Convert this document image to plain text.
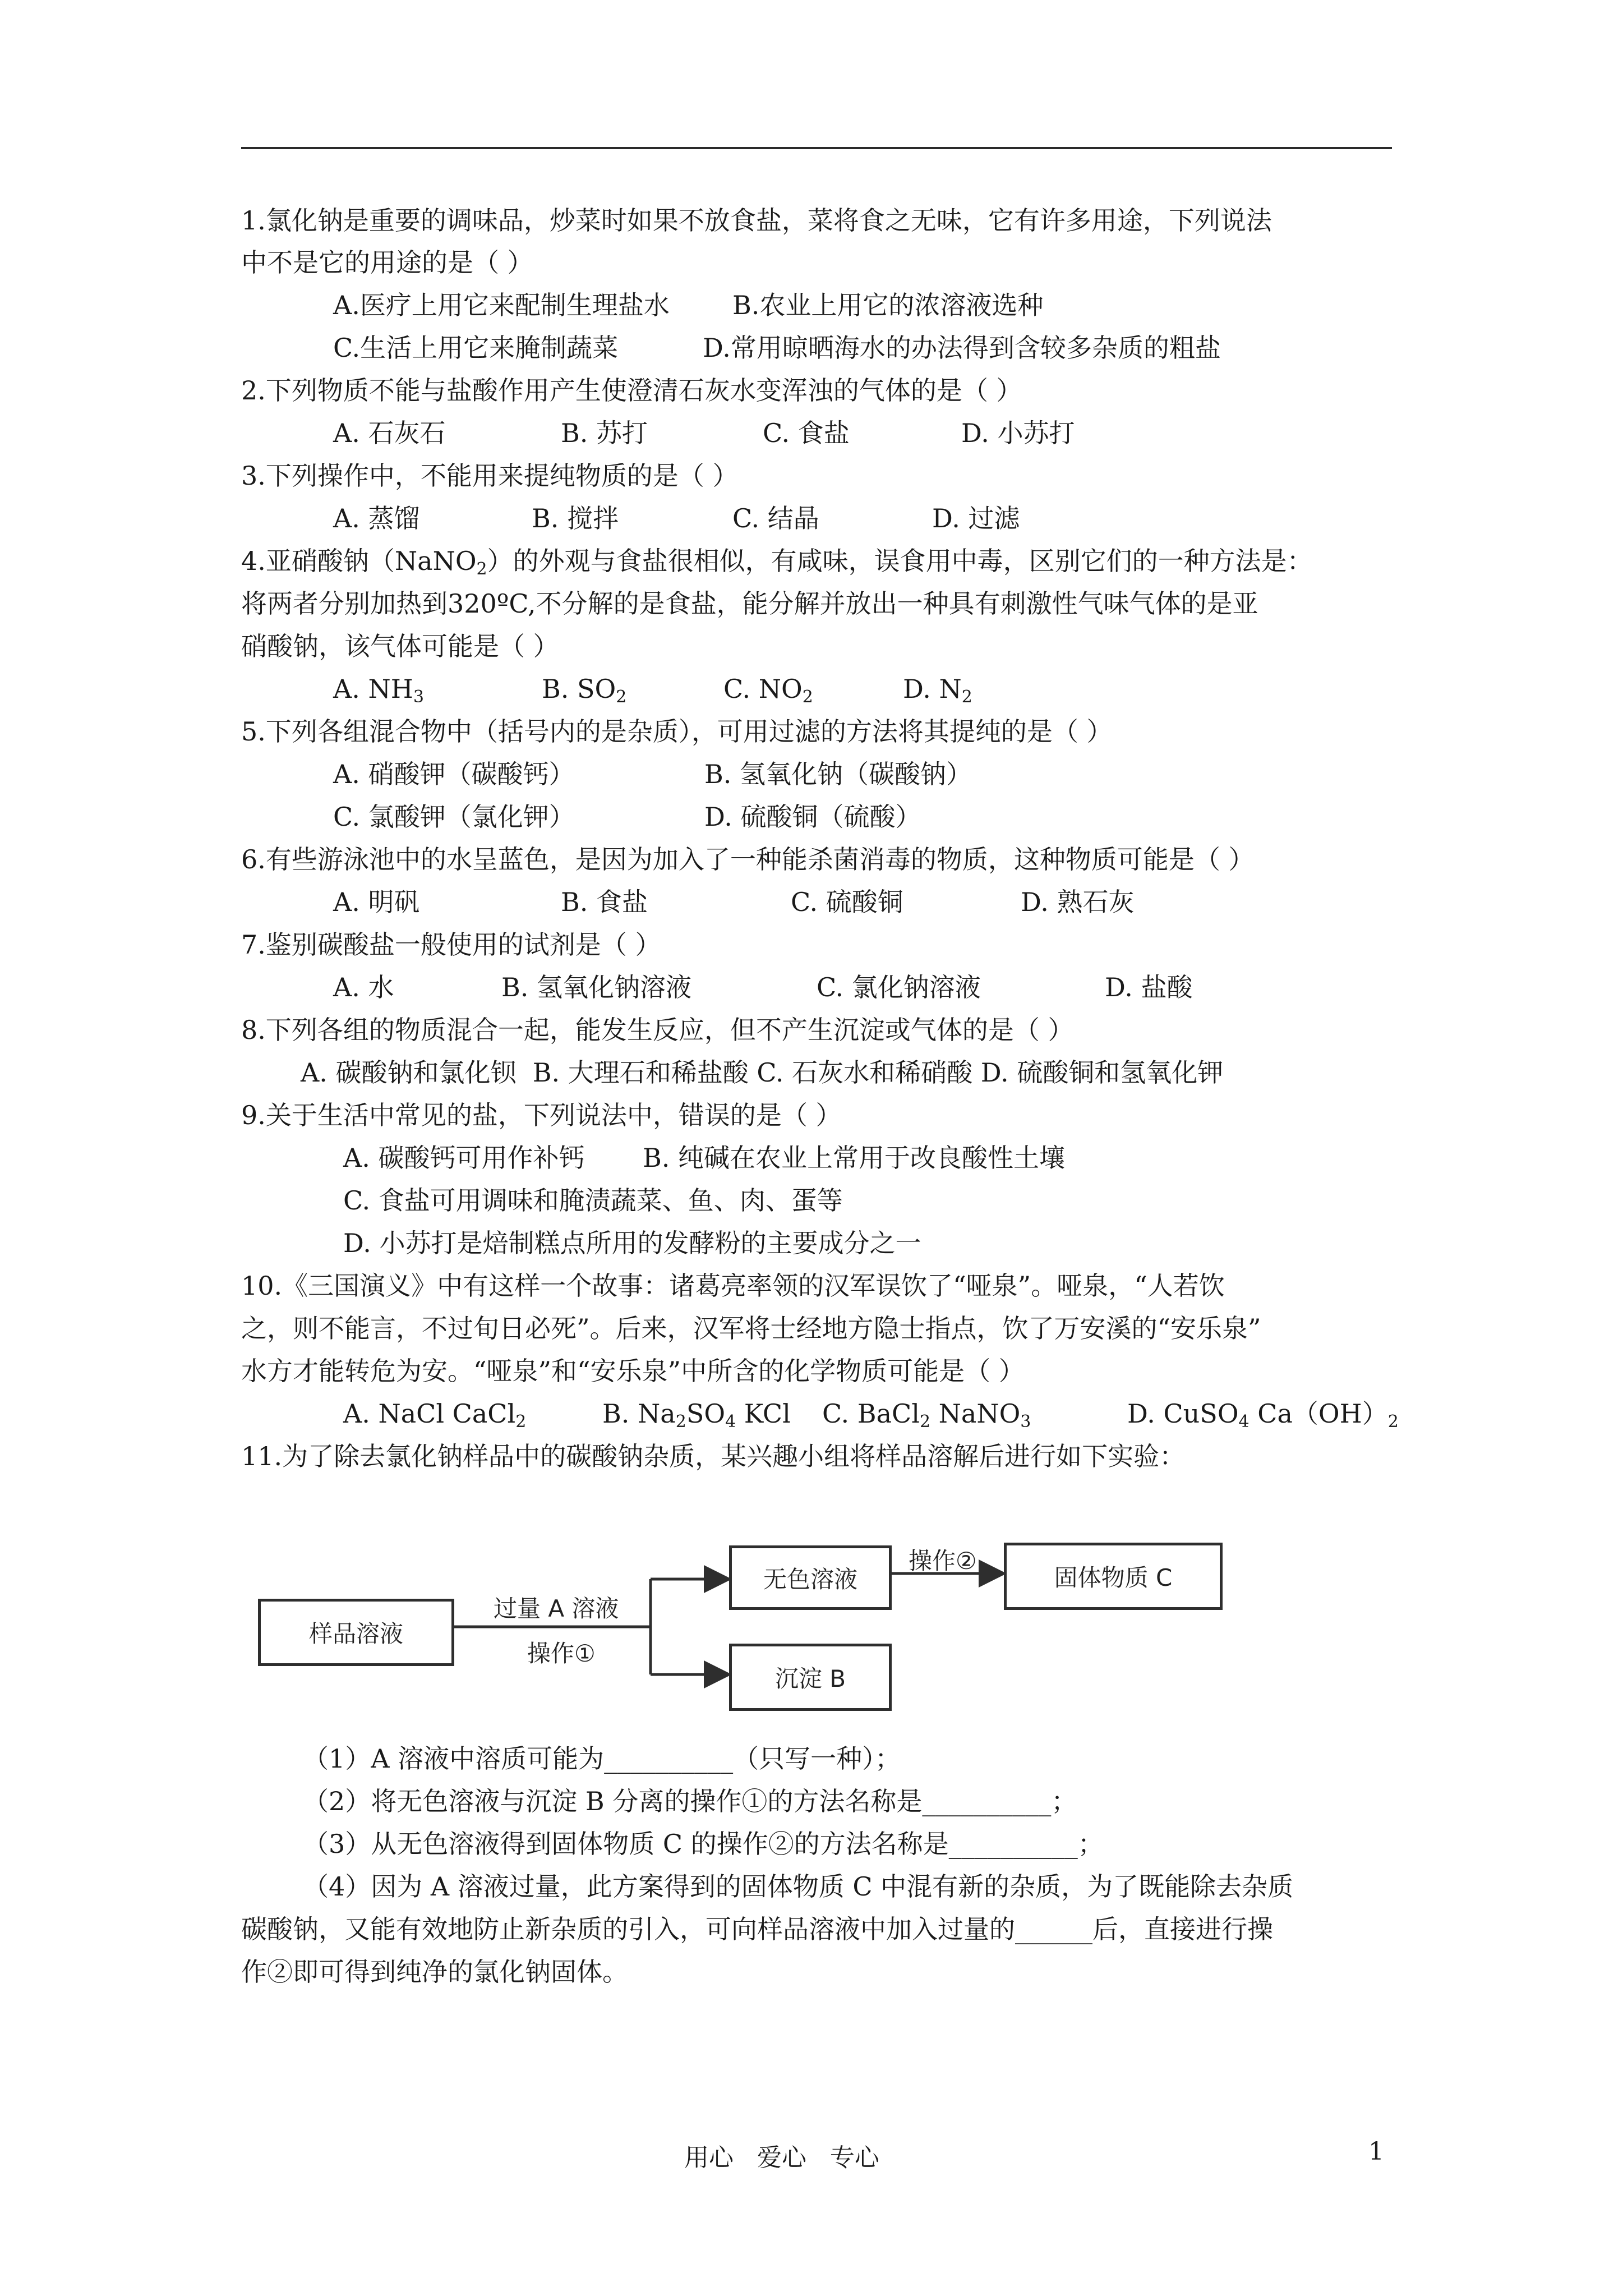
1.氯化钠是重要的调味品，炒菜时如果不放食盐，菜将食之无味，它有许多用途，下列说法
中不是它的用途的是（ ）
A.医疗上用它来配制生理盐水 B.农业上用它的浓溶液选种
C.生活上用它来腌制蔬菜	D.常用晾晒海水的办法得到含较多杂质的粗盐
2.下列物质不能与盐酸作用产生使澄清石灰水变浑浊的气体的是（ ）
A. 石灰石	B. 苏打	C. 食盐	D. 小苏打
3.下列操作中，不能用来提纯物质的是（ ）
A. 蒸馏	B. 搅拌	C. 结晶	D. 过滤
4.亚硝酸钠（NaNO$_2$）的外观与食盐很相似，有咸味，误食用中毒，区别它们的一种方法是：
将两者分别加热到320ºC,不分解的是食盐，能分解并放出一种具有刺激性气味气体的是亚
硝酸钠，该气体可能是（ ）
A. $NH_3$	B. $SO_2$	C. $NO_2$	D. $N_2$
5.下列各组混合物中（括号内的是杂质），可用过滤的方法将其提纯的是（ ）
A. 硝酸钾（碳酸钙）	B. 氢氧化钠（碳酸钠）
C. 氯酸钾（氯化钾）	D. 硫酸铜（硫酸）
6.有些游泳池中的水呈蓝色，是因为加入了一种能杀菌消毒的物质，这种物质可能是（ ）
A. 明矾	B. 食盐	C. 硫酸铜	D. 熟石灰
7.鉴别碳酸盐一般使用的试剂是（ ）
A. 水	B. 氢氧化钠溶液	C. 氯化钠溶液	D. 盐酸
8.下列各组的物质混合一起，能发生反应，但不产生沉淀或气体的是（ ）
A. 碳酸钠和氯化钡  B. 大理石和稀盐酸 C. 石灰水和稀硝酸 D. 硫酸铜和氢氧化钾
9.关于生活中常见的盐，下列说法中，错误的是（ ）
A. 碳酸钙可用作补钙 B. 纯碱在农业上常用于改良酸性土壤
C. 食盐可用调味和腌渍蔬菜、鱼、肉、蛋等
D. 小苏打是焙制糕点所用的发酵粉的主要成分之一
10.《三国演义》中有这样一个故事：诸葛亮率领的汉军误饮了“哑泉”。哑泉，“人若饮
之，则不能言，不过旬日必死”。后来，汉军将士经地方隐士指点，饮了万安溪的“安乐泉”
水方才能转危为安。“哑泉”和“安乐泉”中所含的化学物质可能是（ ）
A. NaCl CaCl$_2$	B. $Na_2SO_4$ KCl C. BaCl$_2$ NaNO$_3$	D. CuSO$_4$ $Ca(OH)_2$
11.为了除去氯化钠样品中的碳酸钠杂质，某兴趣小组将样品溶解后进行如下实验：
样品溶液
过量 A 溶液
操作①
无色溶液
操作②
固体物质 C
沉淀 B
（1）A 溶液中溶质可能为__________（只写一种）；
（2）将无色溶液与沉淀 B 分离的操作①的方法名称是__________；
（3）从无色溶液得到固体物质 C 的操作②的方法名称是__________；
（4）因为 A 溶液过量，此方案得到的固体物质 C 中混有新的杂质，为了既能除去杂质
碳酸钠，又能有效地防止新杂质的引入，可向样品溶液中加入过量的______后，直接进行操
作②即可得到纯净的氯化钠固体。
用心   爱心   专心	1
